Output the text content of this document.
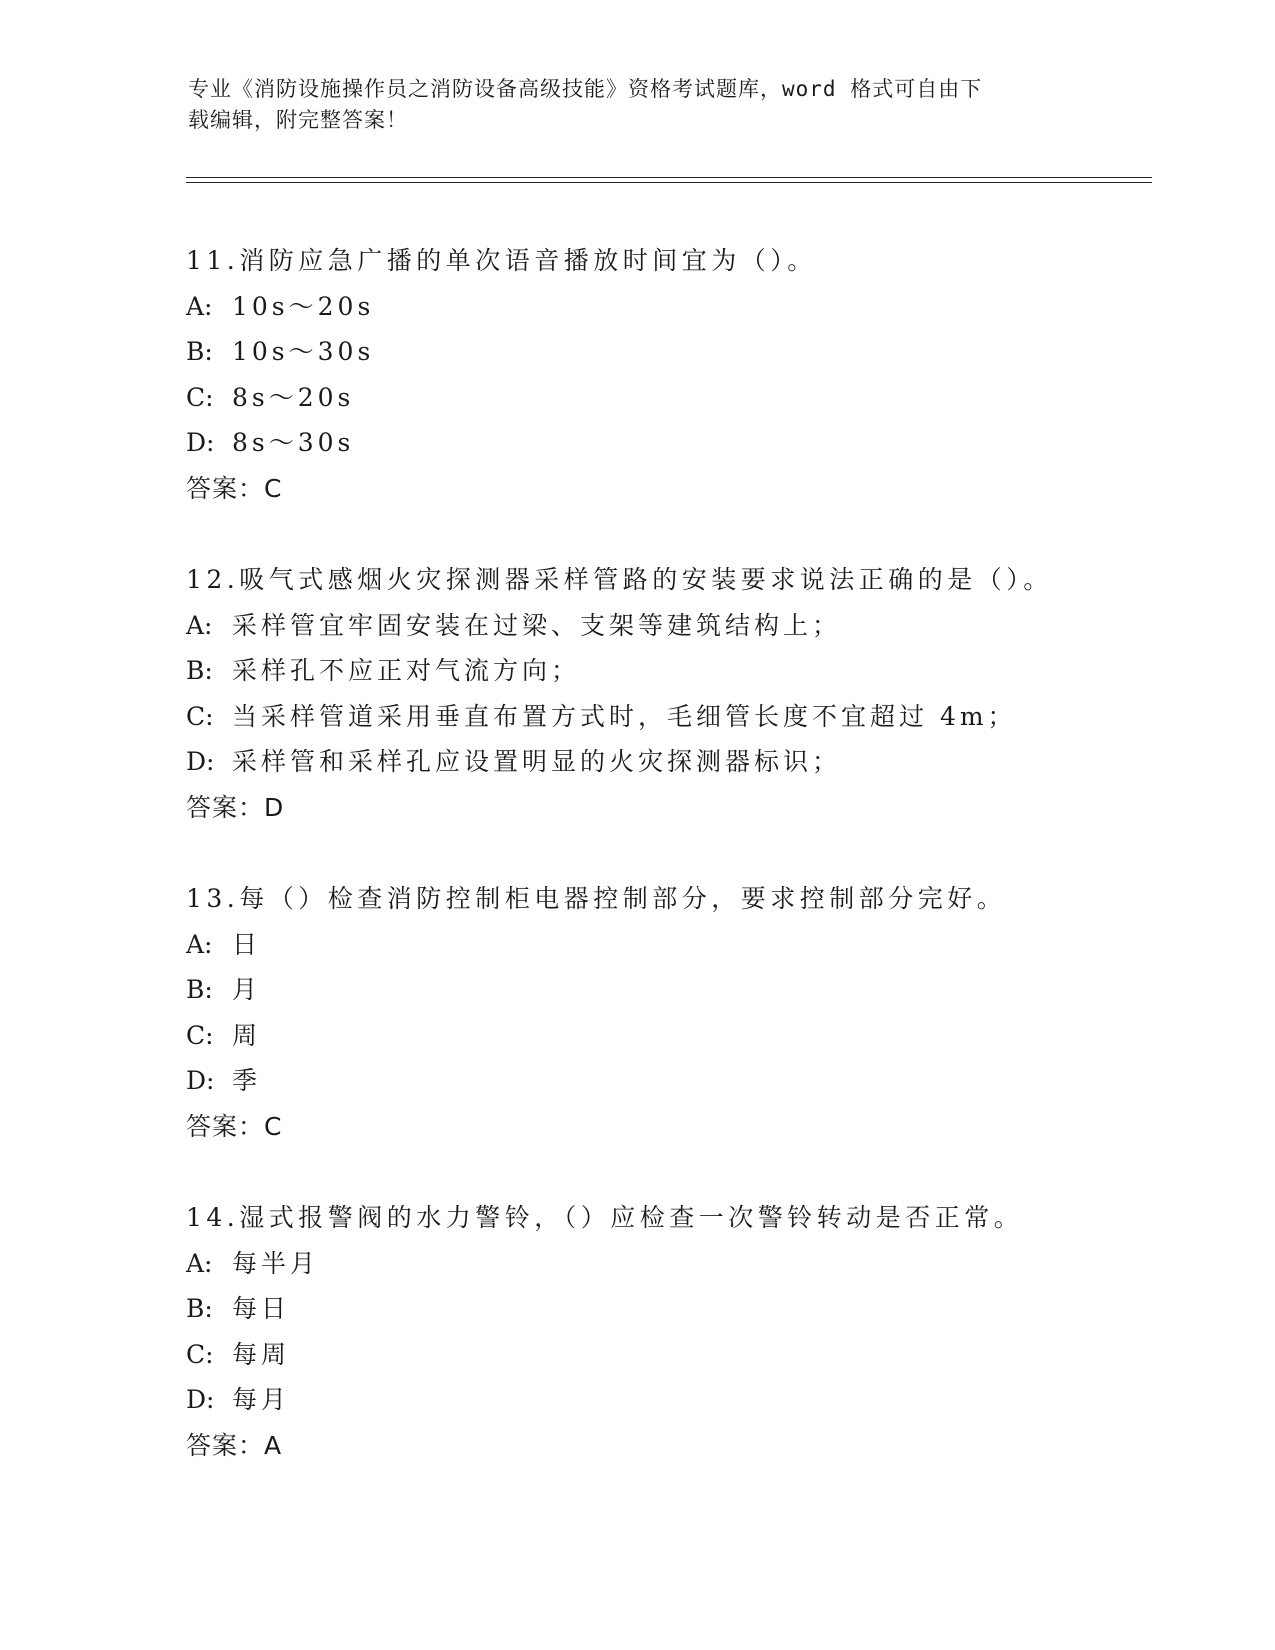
专业《消防设施操作员之消防设备高级技能》资格考试题库，word 格式可自由下
载编辑，附完整答案！
11.消防应急广播的单次语音播放时间宜为（）。
A: 10s～20s
B: 10s～30s
C: 8s～20s
D: 8s～30s
答案：C
12.吸气式感烟火灾探测器采样管路的安装要求说法正确的是（）。
A: 采样管宜牢固安装在过梁、支架等建筑结构上；
B: 采样孔不应正对气流方向；
C: 当采样管道采用垂直布置方式时，毛细管长度不宜超过 4m；
D: 采样管和采样孔应设置明显的火灾探测器标识；
答案：D
13.每（）检查消防控制柜电器控制部分，要求控制部分完好。
A: 日
B: 月
C: 周
D: 季
答案：C
14.湿式报警阀的水力警铃，（）应检查一次警铃转动是否正常。
A: 每半月
B: 每日
C: 每周
D: 每月
答案：A
